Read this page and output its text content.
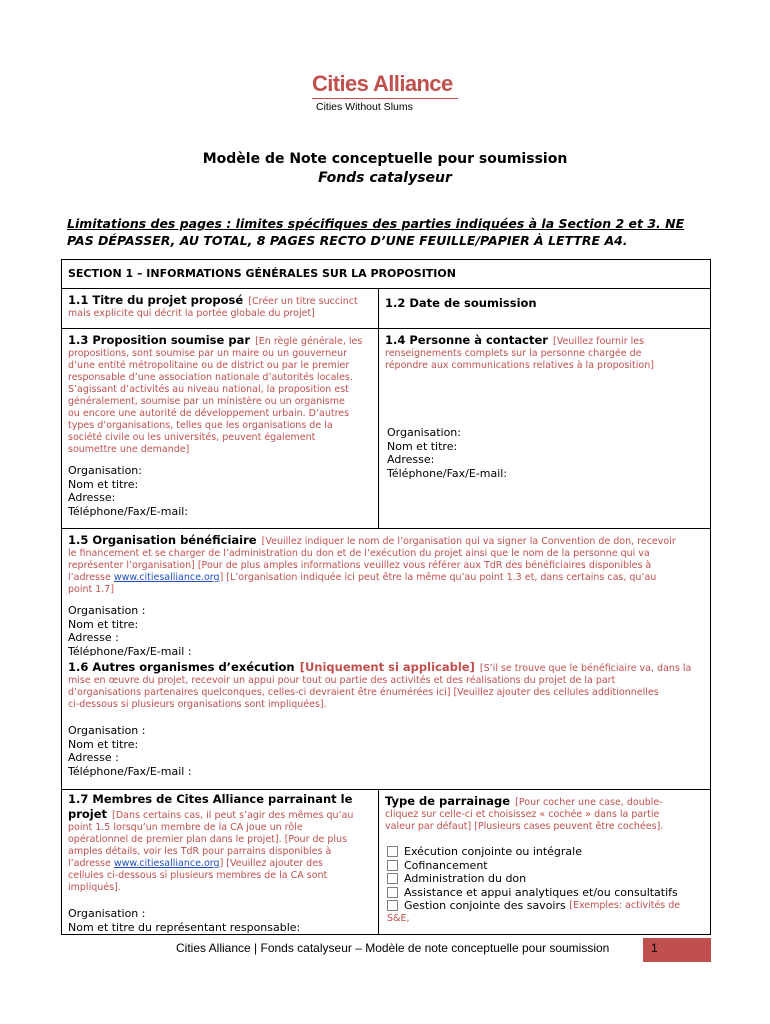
Cities Alliance
Cities Without Slums
Modèle de Note conceptuelle pour soumission
Fonds catalyseur
Limitations des pages : limites spécifiques des parties indiquées à la Section 2 et 3. NE
PAS DÉPASSER, AU TOTAL, 8 PAGES RECTO D’UNE FEUILLE/PAPIER À LETTRE A4.
SECTION 1 – INFORMATIONS GÉNÉRALES SUR LA PROPOSITION
1.1 Titre du projet proposé [Créer un titre succinct
mais explicite qui décrit la portée globale du projet]
1.2 Date de soumission
1.3 Proposition soumise par [En règle générale, les
propositions, sont soumise par un maire ou un gouverneur
d’une entité métropolitaine ou de district ou par le premier
responsable d’une association nationale d’autorités locales.
S’agissant d’activités au niveau national, la proposition est
généralement, soumise par un ministère ou un organisme
ou encore une autorité de développement urbain. D’autres
types d’organisations, telles que les organisations de la
société civile ou les universités, peuvent également
soumettre une demande]
Organisation:
Nom et titre:
Adresse:
Téléphone/Fax/E-mail:
1.4 Personne à contacter [Veuillez fournir les
renseignements complets sur la personne chargée de
répondre aux communications relatives à la proposition]
Organisation:
Nom et titre:
Adresse:
Téléphone/Fax/E-mail:
1.5 Organisation bénéficiaire [Veuillez indiquer le nom de l’organisation qui va signer la Convention de don, recevoir
le financement et se charger de l’administration du don et de l’exécution du projet ainsi que le nom de la personne qui va
représenter l’organisation] [Pour de plus amples informations veuillez vous référer aux TdR des bénéficiaires disponibles à
l’adresse www.citiesalliance.org] [L’organisation indiquée ici peut être la même qu’au point 1.3 et, dans certains cas, qu’au
point 1.7]
Organisation :
Nom et titre:
Adresse :
Téléphone/Fax/E-mail :
1.6 Autres organismes d’exécution [Uniquement si applicable] [S’il se trouve que le bénéficiaire va, dans la
mise en œuvre du projet, recevoir un appui pour tout ou partie des activités et des réalisations du projet de la part
d’organisations partenaires quelconques, celles-ci devraient être énumérées ici] [Veuillez ajouter des cellules additionnelles
ci-dessous si plusieurs organisations sont impliquées].
Organisation :
Nom et titre:
Adresse :
Téléphone/Fax/E-mail :
1.7 Membres de Cites Alliance parrainant le
projet [Dans certains cas, il peut s’agir des mêmes qu’au
point 1.5 lorsqu’un membre de la CA joue un rôle
opérationnel de premier plan dans le projet]. [Pour de plus
amples détails, voir les TdR pour parrains disponibles à
l’adresse www.citiesalliance.org] [Veuillez ajouter des
cellules ci-dessous si plusieurs membres de la CA sont
impliqués].
Organisation :
Nom et titre du représentant responsable:
Type de parrainage [Pour cocher une case, double-
cliquez sur celle-ci et choisissez « cochée » dans la partie
valeur par défaut] [Plusieurs cases peuvent être cochées].
Exécution conjointe ou intégrale
Cofinancement
Administration du don
Assistance et appui analytiques et/ou consultatifs
Gestion conjointe des savoirs
[Exemples: activités de
S&E,
Cities Alliance | Fonds catalyseur – Modèle de note conceptuelle pour soumission	1
